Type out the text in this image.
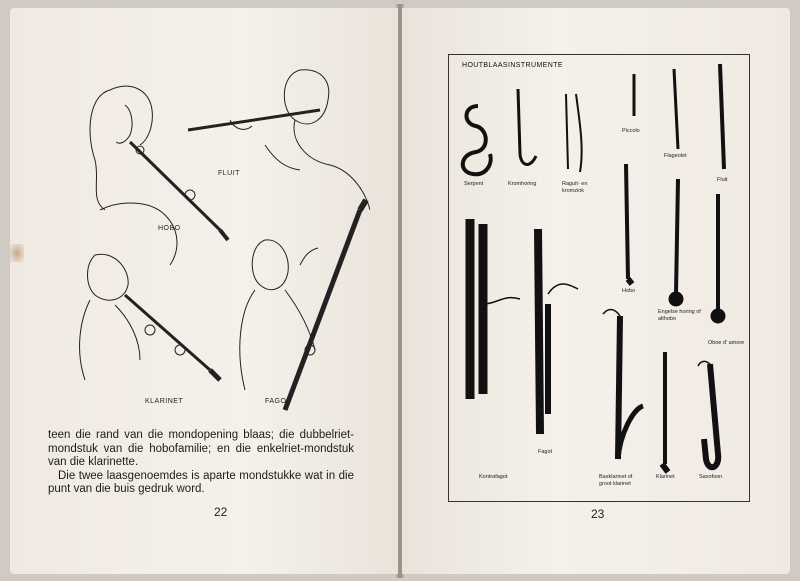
HOBO
FLUIT
KLARINET	FAGOT

teen die rand van die mondopening blaas; die dubbelriet-mondstuk van die hobofamilie; en die enkelriet-mondstuk van die klarinette.

Die twee laasgenoemdes is aparte mondstukke wat in die punt van die buis gedruk word.

22
HOUTBLAASINSTRUMENTE
Serpent	Kromhoring	Raguit- en kromzink
Piccolo
Flageolet
Fluit
Hobo
Engelse horing of althobo
Oboe d' amore
Kontrafagot
Fagot
Basklarinet of groot klarinet
Klarinet	Saxofoon
23
